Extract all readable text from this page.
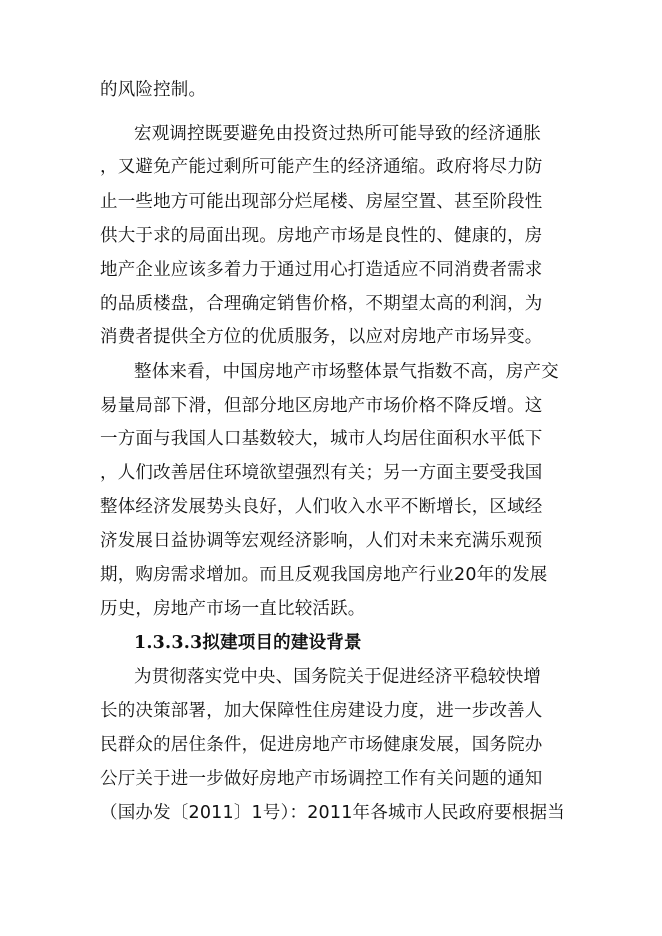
的风险控制。
宏观调控既要避免由投资过热所可能导致的经济通胀
，又避免产能过剩所可能产生的经济通缩。政府将尽力防
止一些地方可能出现部分烂尾楼、房屋空置、甚至阶段性
供大于求的局面出现。房地产市场是良性的、健康的，房
地产企业应该多着力于通过用心打造适应不同消费者需求
的品质楼盘，合理确定销售价格，不期望太高的利润，为
消费者提供全方位的优质服务，以应对房地产市场异变。
整体来看，中国房地产市场整体景气指数不高，房产交
易量局部下滑，但部分地区房地产市场价格不降反增。这
一方面与我国人口基数较大，城市人均居住面积水平低下
，人们改善居住环境欲望强烈有关；另一方面主要受我国
整体经济发展势头良好，人们收入水平不断增长，区域经
济发展日益协调等宏观经济影响，人们对未来充满乐观预
期，购房需求增加。而且反观我国房地产行业20年的发展
历史，房地产市场一直比较活跃。
1.3.3.3拟建项目的建设背景
为贯彻落实党中央、国务院关于促进经济平稳较快增
长的决策部署，加大保障性住房建设力度，进一步改善人
民群众的居住条件，促进房地产市场健康发展，国务院办
公厅关于进一步做好房地产市场调控工作有关问题的通知
（国办发〔2011〕1号）：2011年各城市人民政府要根据当
